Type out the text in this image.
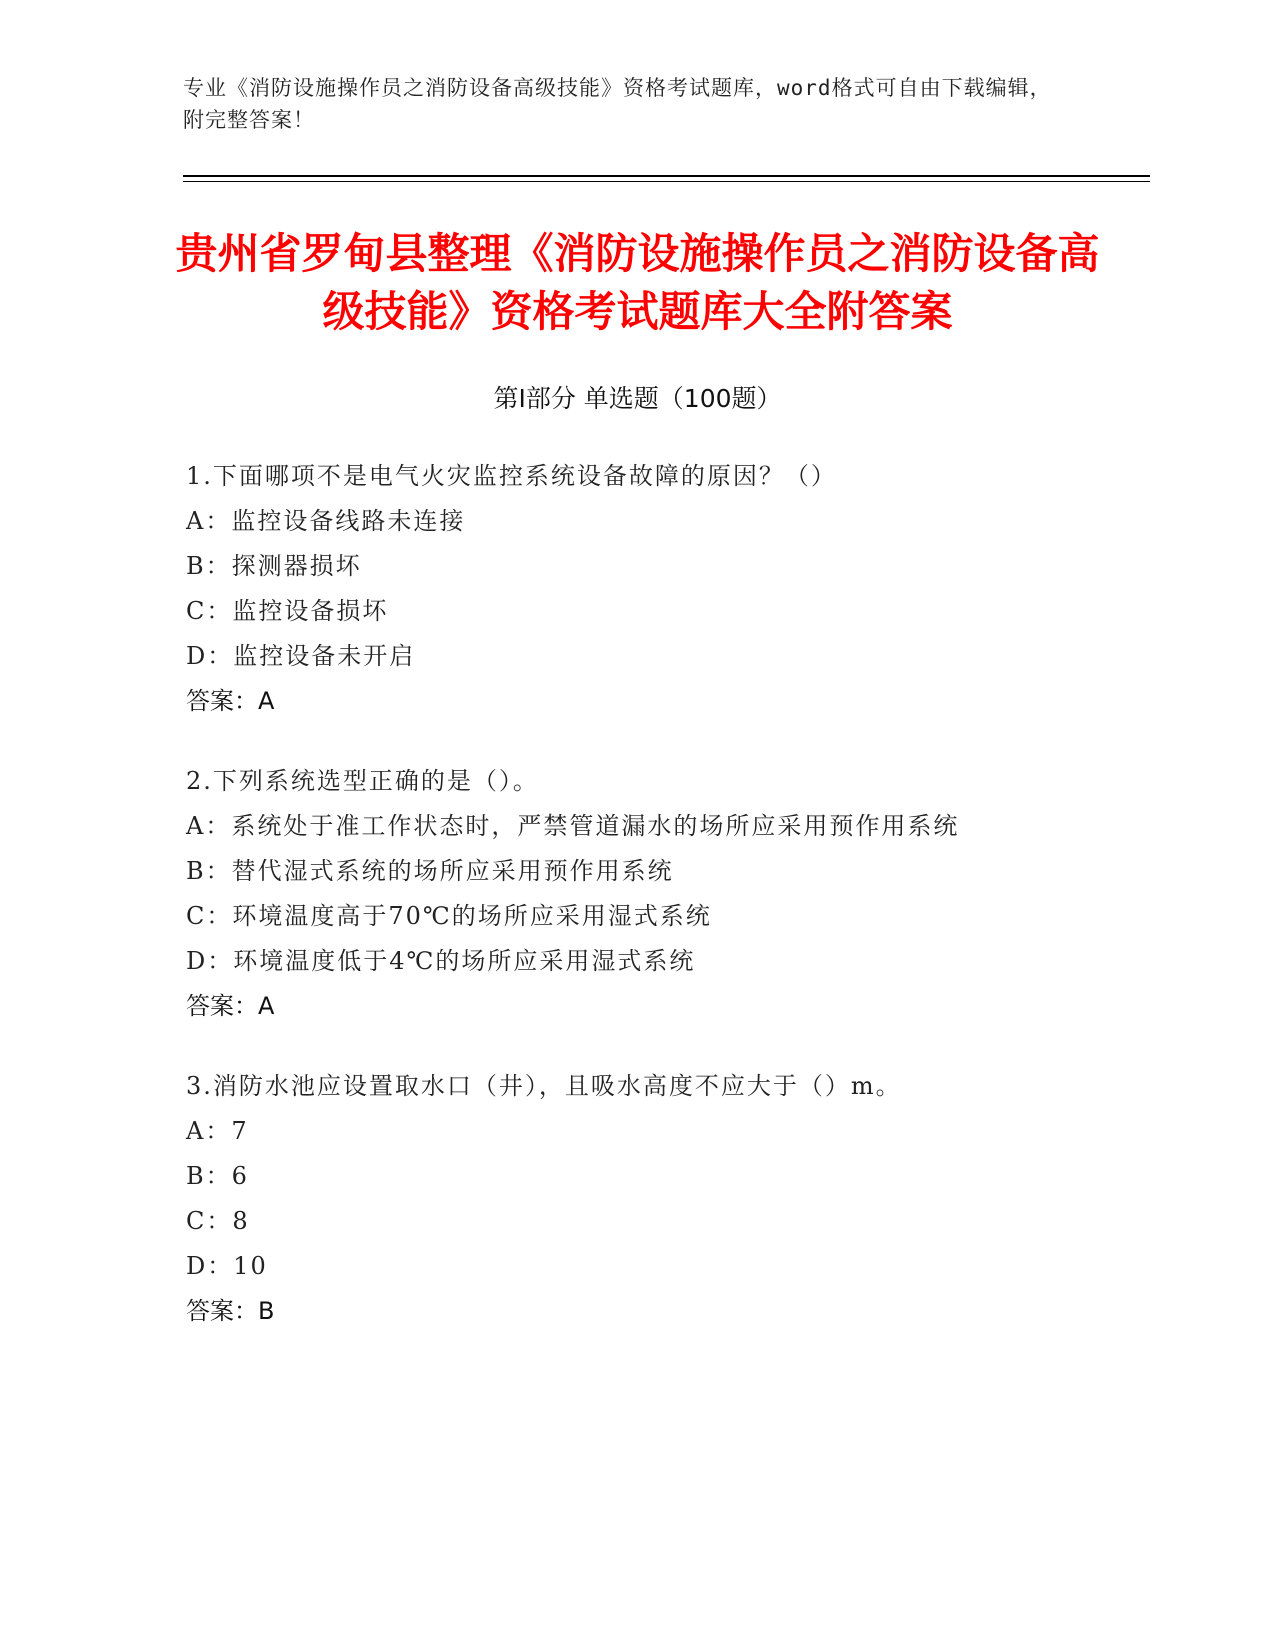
专业《消防设施操作员之消防设备高级技能》资格考试题库，word格式可自由下载编辑，附完整答案！
贵州省罗甸县整理《消防设施操作员之消防设备高级技能》资格考试题库大全附答案
第Ⅰ部分 单选题（100题）
1.下面哪项不是电气火灾监控系统设备故障的原因？（）
A：监控设备线路未连接
B：探测器损坏
C：监控设备损坏
D：监控设备未开启
答案：A
2.下列系统选型正确的是（）。
A：系统处于准工作状态时，严禁管道漏水的场所应采用预作用系统
B：替代湿式系统的场所应采用预作用系统
C：环境温度高于70℃的场所应采用湿式系统
D：环境温度低于4℃的场所应采用湿式系统
答案：A
3.消防水池应设置取水口（井），且吸水高度不应大于（）m。
A：7
B：6
C：8
D：10
答案：B
